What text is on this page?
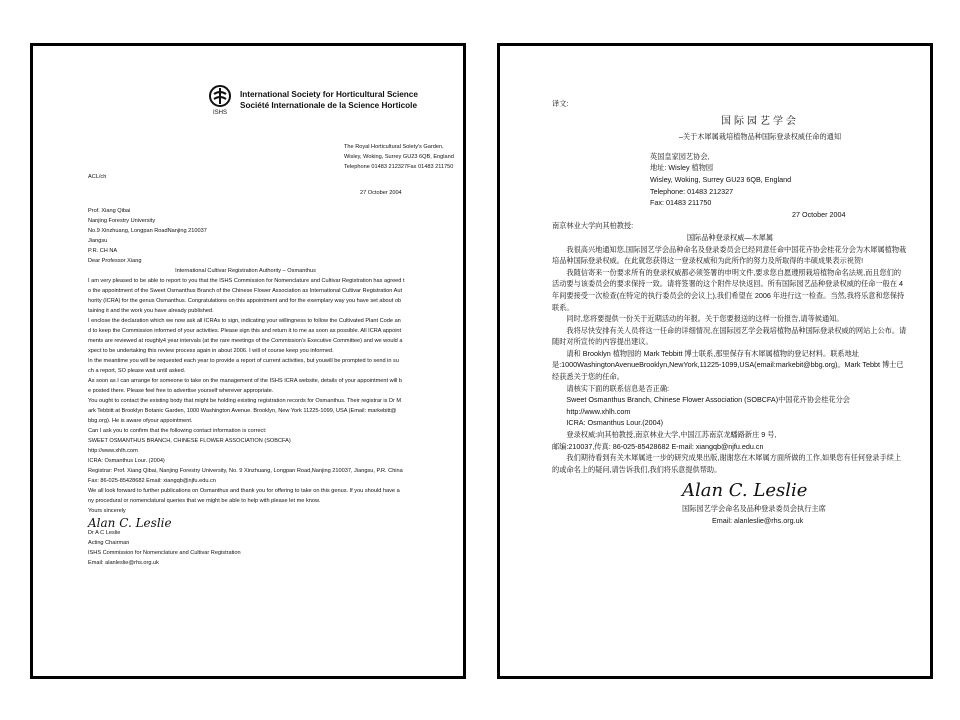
ISHS
International Society for Horticultural Science
Société Internationale de la Science Horticole
The Royal Horticultural Solety's Garden,
Wisley, Woking, Surrey GU23 6QB, England
Telephone 01483 212327Fax 01483 211750
ACL/ch
27 October 2004
Prof. Xiang Qibai
Nanjing Forestry University
No.9 Xinzhuang, Longpan RoadNanjing 210037
Jiangsu
P.R. CH NA
Dear Professor Xiang
International Cultivar Registration Authority – Osmanthus
I am very pleased to be able to report to you that the ISHS Commission for Nomenclature and Cultivar Registration has agreed t
o the appointment of the Sweet Osmanthus Branch of the Chinese Flower Association as International Cultivar Registration Aut
hority (ICRA) for the genus Osmanthus. Congratulations on this appointment and for the exemplary way you have set about ob
taining it and the work you have already published.
I enclose the declaration which we now ask all ICRAs to sign, indicating your willingness to follow the Cultivated Plant Code an
d to keep the Commission informed of your activities. Please sign this and return it to me as soon as possible. All ICRA appoint
ments are reviewed at roughly4 year intervals (at the rare meetings of the Commission's Executive Committee) and we would a
xpect to be undertaking this review process again in about 2006. I will of course keep you informed.
In the meantime you will be requested each year to provide a report of current activities, but youwill be prompted to send in su
ch a report, SO please wait until asked.
As soon as I can arrange for someone to take on the management of the ISHS ICRA website, details of your appointment will b
e posted there. Please feel free to advertise yourself wherever appropriate.
You ought to contact the existing body that might be holding existing registration records for Osmanthus. Their registrar is Dr M
ark Tebbitt at Brooklyn Botanic Garden, 1000 Washington Avenue. Brooklyn, New York 11225-1099, USA (Email: markebitt@
bbg.org). He is aware ofyour appointment.
Can I ask you to confirm that the following contact information is correct:
SWEET OSMANTHUS BRANCH, CHINESE FLOWER ASSOCIATION (SOBCFA)
http://www.xhlh.com
ICRA: Osmanthus Lour. (2004)
Registrar: Prof. Xiang Qibai, Nanjing Forestry University, No. 9 Xinzhuang, Longpan Road,Nanjing 210037, Jiangsu, P.R. China
Fax: 86-025-85428682 Email: xiangqb@njfu.edu.cn
We all look forward to further publications on Osmanthus and thank you for offering to take on this genus. If you should have a
ny procedural or nomenclatural queries that we might be able to help with please let me know.
Yours sincerely
Alan C. Leslie
Dr A C Leslie
Acting Chairman
ISHS Commission for Nomenclature and Cultivar Registration
Email: alanleslie@rhs.org.uk
译文:
国际园艺学会
–关于木犀属栽培植物品种国际登录权威任命的通知
英国皇家园艺协会,
地址: Wisley 植物园
Wisley, Woking, Surrey GU23 6QB, England
Telephone: 01483 212327
Fax: 01483 211750
27 October 2004
南京林业大学向其柏教授:
国际品种登录权威—木犀属
我很高兴地通知您,国际园艺学会品种命名及登录委员会已经同意任命中国花卉协会桂花分会为木犀属植物栽培品种国际登录权威。在此就您获得这一登录权威和为此所作的努力及所取得的丰硕成果表示祝贺!
我随信寄来一份要求所有的登录权威都必须签署的申明文件,要求您自愿遵照栽培植物命名法规,而且您们的活动要与该委员会的要求保持一致。请将签署的这个附件尽快返回。所有国际园艺品种登录权威的任命一般在 4 年间要接受一次检查(在特定的执行委员会的会议上),我们希望在 2006 年进行这一检查。当然,我将乐意和您保持联系。
同时,您将要提供一份关于近期活动的年报。关于您要报送的这样一份报告,请等候通知。
我将尽快安排有关人员将这一任命的详细情况,在国际园艺学会栽培植物品种国际登录权威的网站上公布。请随时对所宣传的内容提出建议。
请和 Brooklyn 植物园的 Mark Tebbitt 博士联系,那里保存有木犀属植物的登记材料。联系地址是:1000WashingtonAvenueBrooklyn,NewYork,11225-1099,USA(email:markebit@bbg.org)。Mark Tebbt 博士已经获悉关于您的任命。
请核实下面的联系信息是否正确:
Sweet Osmanthus Branch, Chinese Flower Association (SOBCFA)中国花卉协会桂花分会
http://www.xhlh.com
ICRA: Osmanthus Lour.(2004)
登录权威:向其柏教授,南京林业大学,中国江苏南京龙蟠路新庄 9 号,
邮编:210037,传真: 86-025-85428682 E-mail: xiangqb@njfu.edu.cn
我们期待看到有关木犀属进一步的研究成果出版,谢谢您在木犀属方面所做的工作,如果您有任何登录手续上的或命名上的疑问,请告诉我们,我们将乐意提供帮助。
Alan C. Leslie
国际园艺学会命名及品种登录委员会执行主席
Email: alanleslie@rhs.org.uk
